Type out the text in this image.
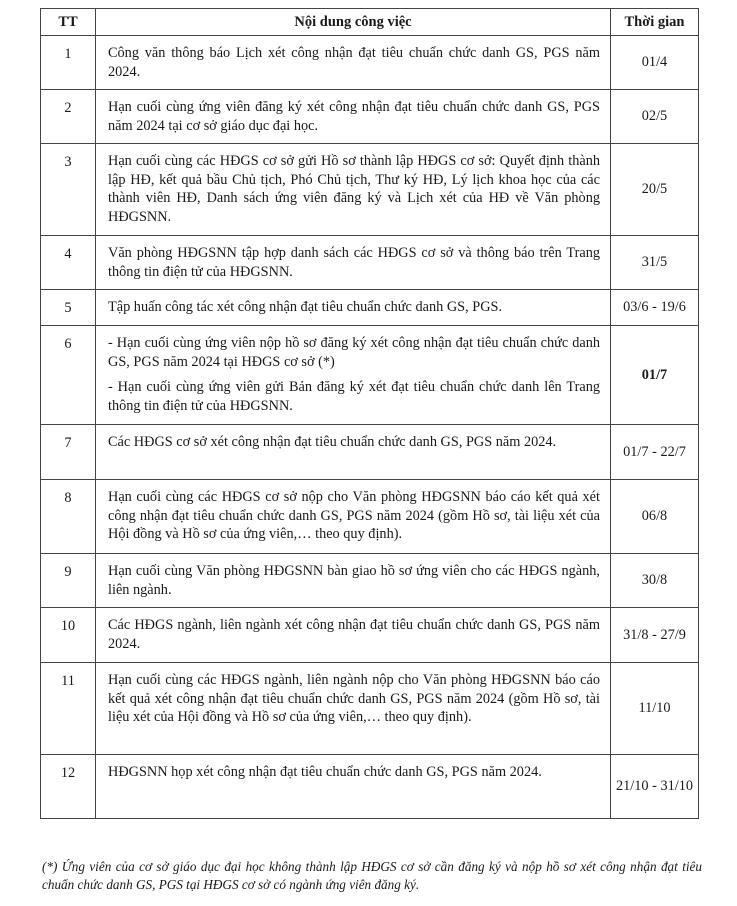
TT	Nội dung công việc	Thời gian
1	Công văn thông báo Lịch xét công nhận đạt tiêu chuẩn chức danh GS, PGS năm 2024.	01/4
2	Hạn cuối cùng ứng viên đăng ký xét công nhận đạt tiêu chuẩn chức danh GS, PGS năm 2024 tại cơ sở giáo dục đại học.	02/5
3	Hạn cuối cùng các HĐGS cơ sở gửi Hồ sơ thành lập HĐGS cơ sở: Quyết định thành lập HĐ, kết quả bầu Chủ tịch, Phó Chủ tịch, Thư ký HĐ, Lý lịch khoa học của các thành viên HĐ, Danh sách ứng viên đăng ký và Lịch xét của HĐ về Văn phòng HĐGSNN.	20/5
4	Văn phòng HĐGSNN tập hợp danh sách các HĐGS cơ sở và thông báo trên Trang thông tin điện tử của HĐGSNN.	31/5
5	Tập huấn công tác xét công nhận đạt tiêu chuẩn chức danh GS, PGS.	03/6 - 19/6
6	- Hạn cuối cùng ứng viên nộp hồ sơ đăng ký xét công nhận đạt tiêu chuẩn chức danh GS, PGS năm 2024 tại HĐGS cơ sở (*)
- Hạn cuối cùng ứng viên gửi Bản đăng ký xét đạt tiêu chuẩn chức danh lên Trang thông tin điện tử của HĐGSNN.	01/7
7	Các HĐGS cơ sở xét công nhận đạt tiêu chuẩn chức danh GS, PGS năm 2024.	01/7 - 22/7
8	Hạn cuối cùng các HĐGS cơ sở nộp cho Văn phòng HĐGSNN báo cáo kết quả xét công nhận đạt tiêu chuẩn chức danh GS, PGS năm 2024 (gồm Hồ sơ, tài liệu xét của Hội đồng và Hồ sơ của ứng viên,… theo quy định).	06/8
9	Hạn cuối cùng Văn phòng HĐGSNN bàn giao hồ sơ ứng viên cho các HĐGS ngành, liên ngành.	30/8
10	Các HĐGS ngành, liên ngành xét công nhận đạt tiêu chuẩn chức danh GS, PGS năm 2024.	31/8 - 27/9
11	Hạn cuối cùng các HĐGS ngành, liên ngành nộp cho Văn phòng HĐGSNN báo cáo kết quả xét công nhận đạt tiêu chuẩn chức danh GS, PGS năm 2024 (gồm Hồ sơ, tài liệu xét của Hội đồng và Hồ sơ của ứng viên,… theo quy định).	11/10
12	HĐGSNN họp xét công nhận đạt tiêu chuẩn chức danh GS, PGS năm 2024.	21/10 - 31/10
(*) Ứng viên của cơ sở giáo dục đại học không thành lập HĐGS cơ sở cần đăng ký và nộp hồ sơ xét công nhận đạt tiêu chuẩn chức danh GS, PGS tại HĐGS cơ sở có ngành ứng viên đăng ký.
